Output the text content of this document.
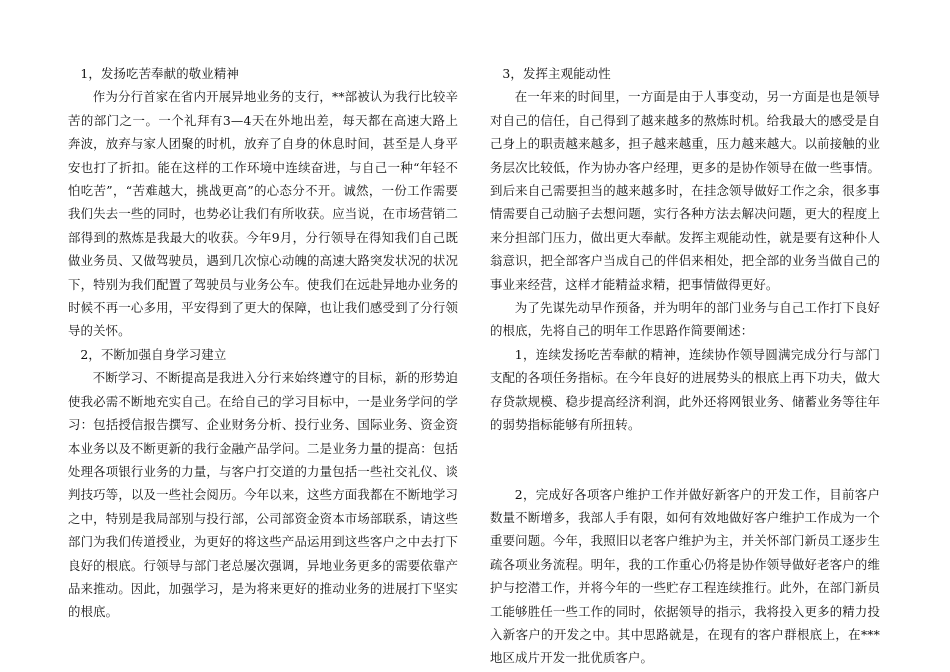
1，发扬吃苦奉献的敬业精神

作为分行首家在省内开展异地业务的支行，**部被认为我行比较辛苦的部门之一。一个礼拜有3—4天在外地出差，每天都在高速大路上奔波，放弃与家人团聚的时机，放弃了自身的休息时间，甚至是人身平安也打了折扣。能在这样的工作环境中连续奋进，与自己一种“年轻不怕吃苦”，“苦难越大，挑战更高”的心态分不开。诚然，一份工作需要我们失去一些的同时，也势必让我们有所收获。应当说，在市场营销二部得到的熬炼是我最大的收获。今年9月，分行领导在得知我们自己既做业务员、又做驾驶员，遇到几次惊心动魄的高速大路突发状况的状况下，特别为我们配置了驾驶员与业务公车。使我们在远赴异地办业务的时候不再一心多用，平安得到了更大的保障，也让我们感受到了分行领导的关怀。

2，不断加强自身学习建立

不断学习、不断提高是我进入分行来始终遵守的目标，新的形势迫使我必需不断地充实自己。在给自己的学习目标中，一是业务学问的学习：包括授信报告撰写、企业财务分析、投行业务、国际业务、资金资本业务以及不断更新的我行金融产品学问。二是业务力量的提高：包括处理各项银行业务的力量，与客户打交道的力量包括一些社交礼仪、谈判技巧等，以及一些社会阅历。今年以来，这些方面我都在不断地学习之中，特别是我局部别与投行部，公司部资金资本市场部联系，请这些部门为我们传道授业，为更好的将这些产品运用到这些客户之中去打下良好的根底。行领导与部门老总屡次强调，异地业务更多的需要依靠产品来推动。因此，加强学习，是为将来更好的推动业务的进展打下坚实的根底。

3，发挥主观能动性

在一年来的时间里，一方面是由于人事变动，另一方面是也是领导对自己的信任，自己得到了越来越多的熬炼时机。给我最大的感受是自己身上的职责越来越多，担子越来越重，压力越来越大。以前接触的业务层次比较低，作为协办客户经理，更多的是协作领导在做一些事情。到后来自己需要担当的越来越多时，在挂念领导做好工作之余，很多事情需要自己动脑子去想问题，实行各种方法去解决问题，更大的程度上来分担部门压力，做出更大奉献。发挥主观能动性，就是要有这种仆人翁意识，把全部客户当成自己的伴侣来相处，把全部的业务当做自己的事业来经营，这样才能精益求精，把事情做得更好。

为了先谋先动早作预备，并为明年的部门业务与自己工作打下良好的根底，先将自己的明年工作思路作简要阐述：

1，连续发扬吃苦奉献的精神，连续协作领导圆满完成分行与部门支配的各项任务指标。在今年良好的进展势头的根底上再下功夫，做大存贷款规模、稳步提高经济利润，此外还将网银业务、储蓄业务等往年的弱势指标能够有所扭转。

2，完成好各项客户维护工作并做好新客户的开发工作，目前客户数量不断增多，我部人手有限，如何有效地做好客户维护工作成为一个重要问题。今年，我照旧以老客户维护为主，并关怀部门新员工逐步生疏各项业务流程。明年，我的工作重心仍将是协作领导做好老客户的维护与挖潜工作，并将今年的一些贮存工程连续推行。此外，在部门新员工能够胜任一些工作的同时，依据领导的指示，我将投入更多的精力投入新客户的开发之中。其中思路就是，在现有的客户群根底上，在***地区成片开发一批优质客户。
